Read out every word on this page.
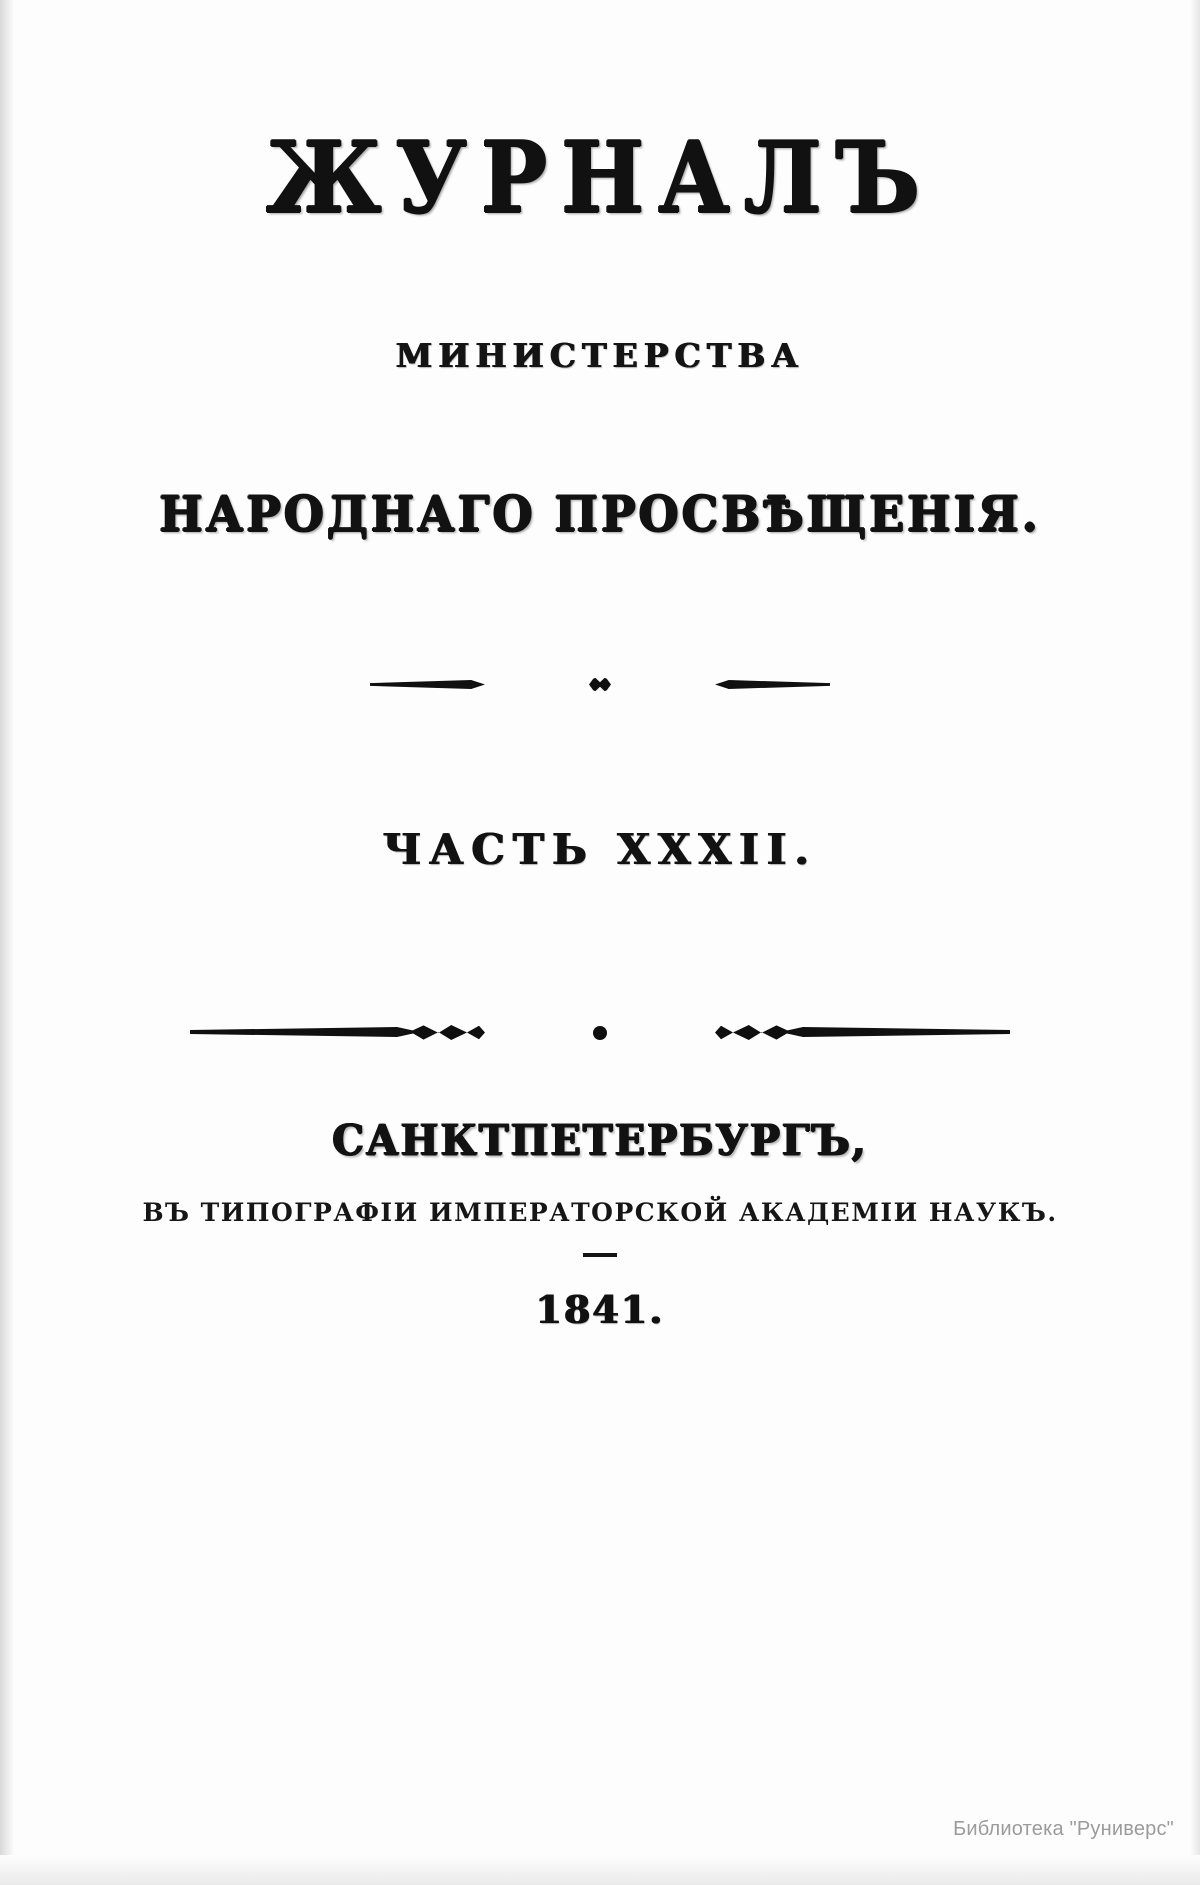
ЖУРНАЛЪ
МИНИСТЕРСТВА
НАРОДНАГО ПРОСВѢЩЕНІЯ.
ЧАСТЬ XXXII.
САНКТПЕТЕРБУРГЪ,
ВЪ ТИПОГРАФІИ ИМПЕРАТОРСКОЙ АКАДЕМІИ НАУКЪ.
1841.
Библиотека "Руниверс"
